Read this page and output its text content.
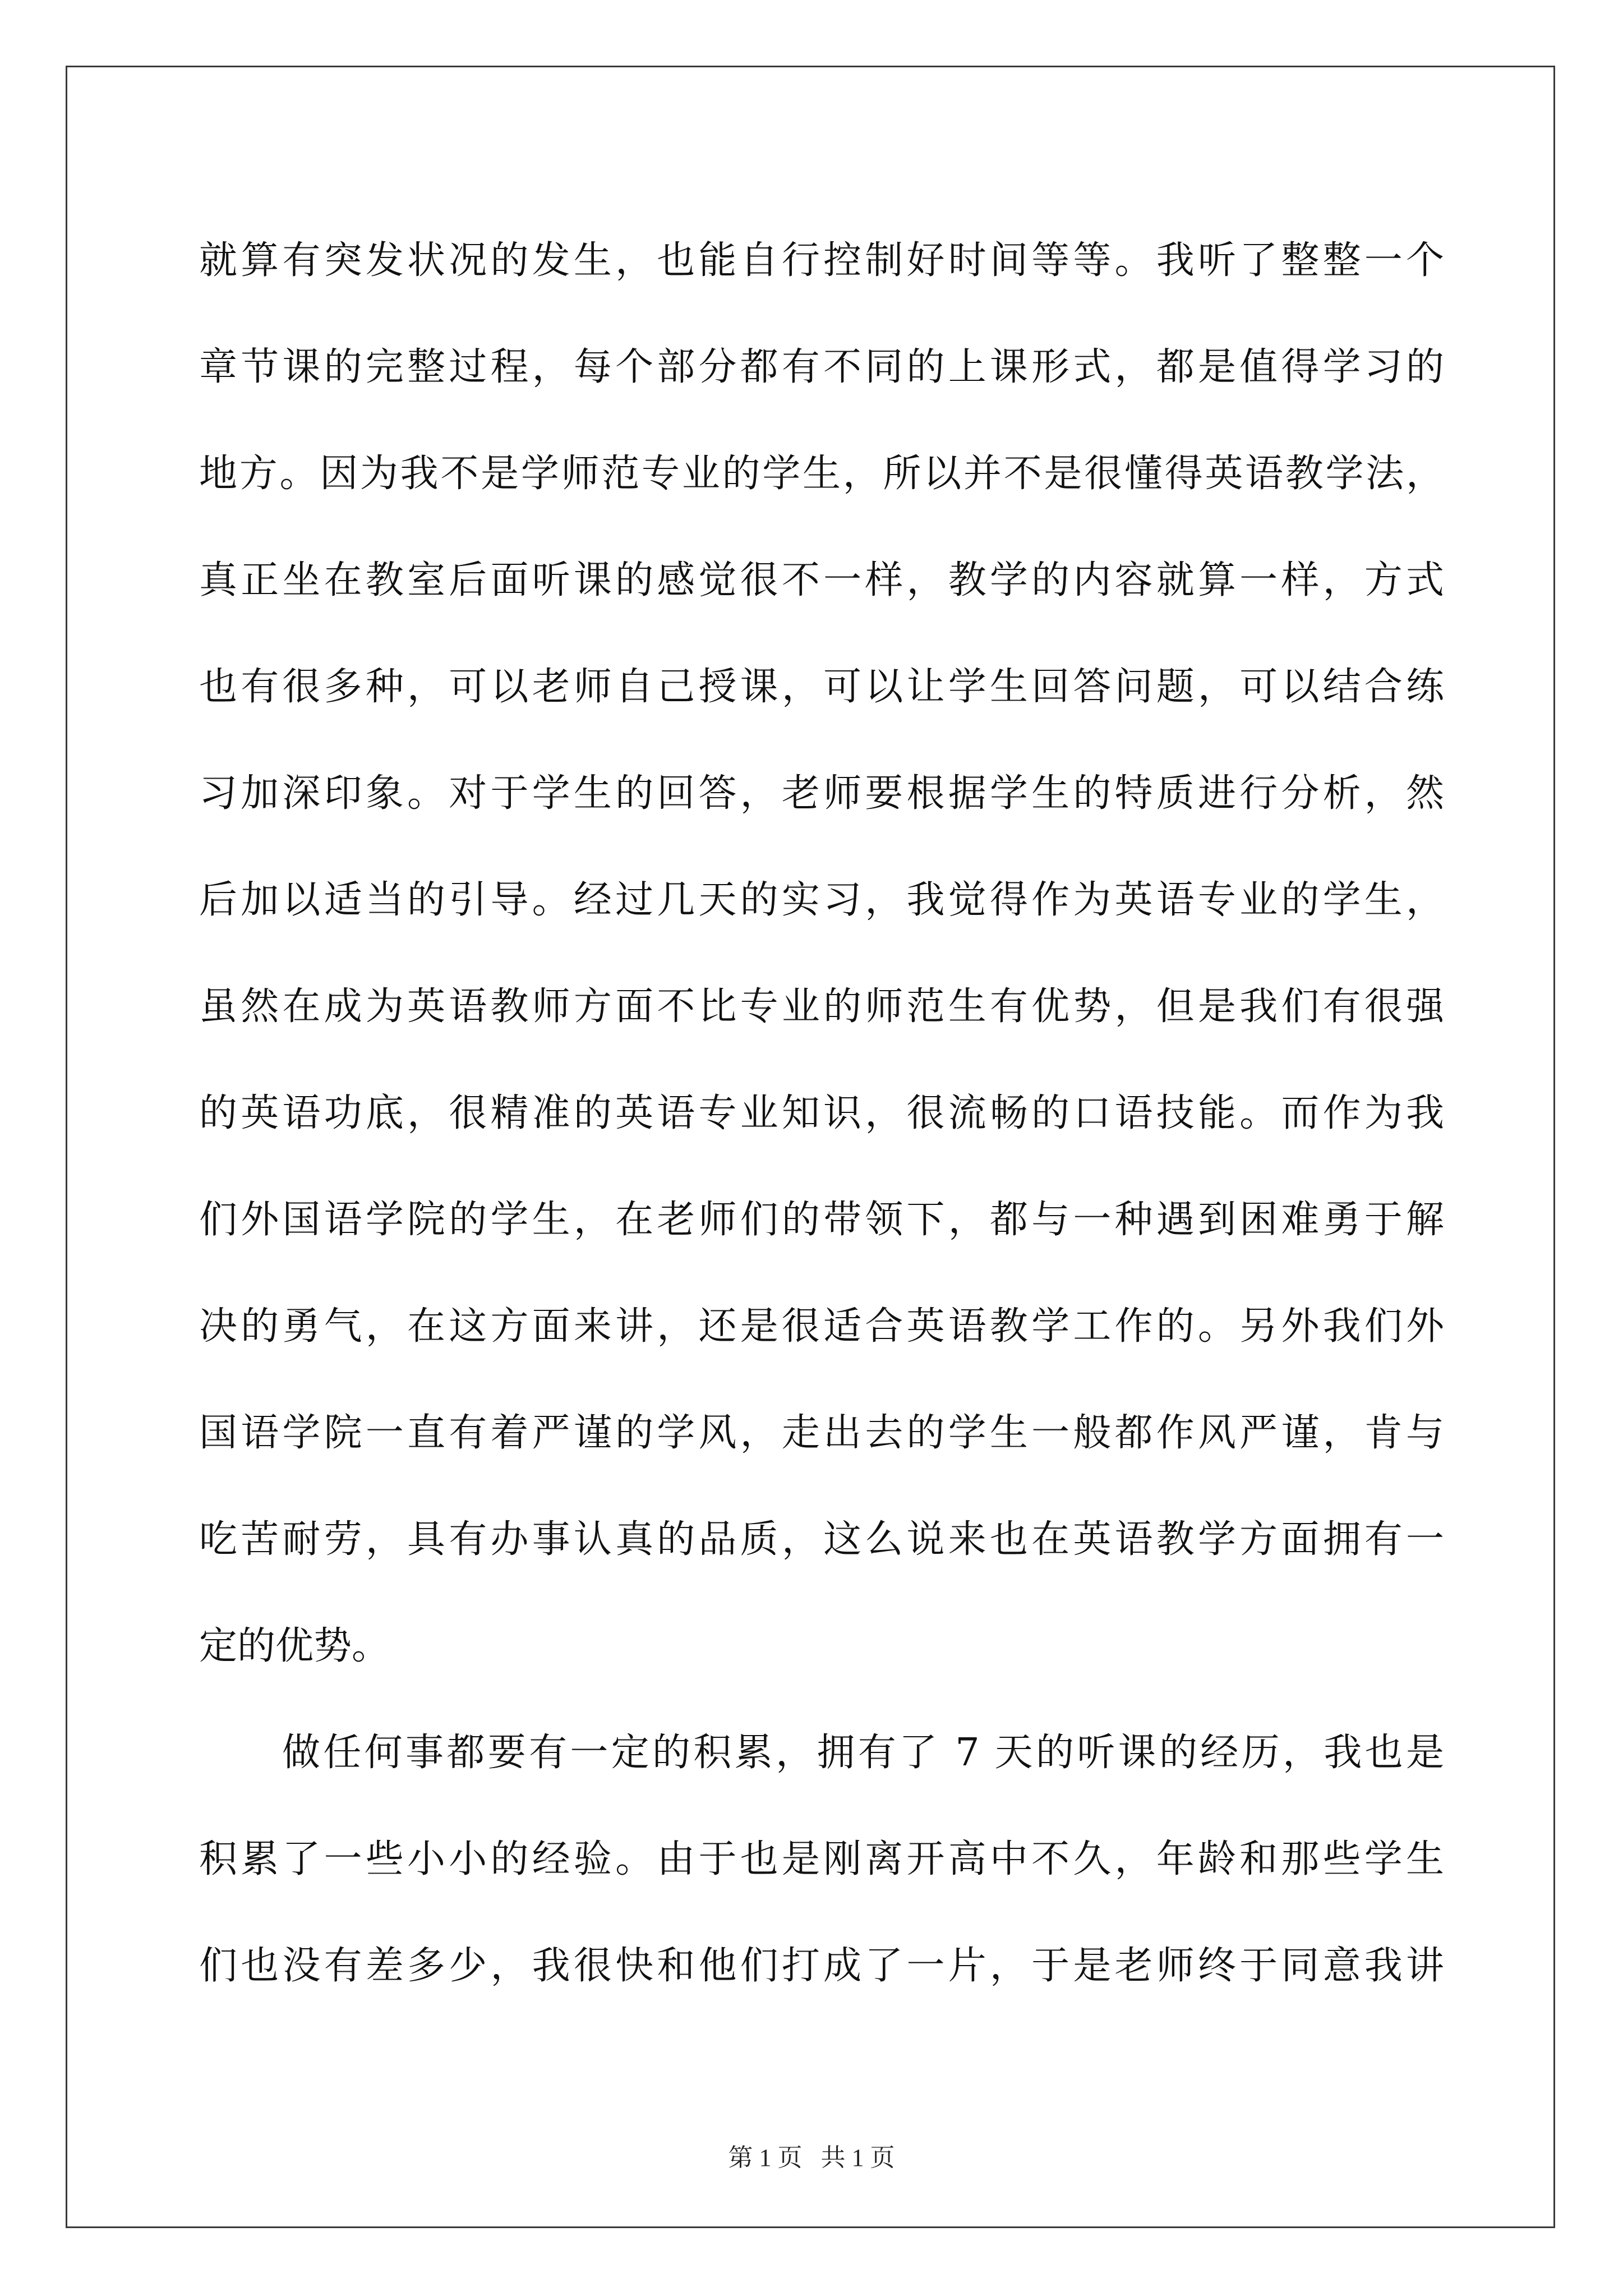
就算有突发状况的发生，也能自行控制好时间等等。我听了整整一个
章节课的完整过程，每个部分都有不同的上课形式，都是值得学习的
地方。因为我不是学师范专业的学生，所以并不是很懂得英语教学法，
真正坐在教室后面听课的感觉很不一样，教学的内容就算一样，方式
也有很多种，可以老师自己授课，可以让学生回答问题，可以结合练
习加深印象。对于学生的回答，老师要根据学生的特质进行分析，然
后加以适当的引导。经过几天的实习，我觉得作为英语专业的学生，
虽然在成为英语教师方面不比专业的师范生有优势，但是我们有很强
的英语功底，很精准的英语专业知识，很流畅的口语技能。而作为我
们外国语学院的学生，在老师们的带领下，都与一种遇到困难勇于解
决的勇气，在这方面来讲，还是很适合英语教学工作的。另外我们外
国语学院一直有着严谨的学风，走出去的学生一般都作风严谨，肯与
吃苦耐劳，具有办事认真的品质，这么说来也在英语教学方面拥有一
定的优势。
做任何事都要有一定的积累，拥有了 7 天的听课的经历，我也是
积累了一些小小的经验。由于也是刚离开高中不久，年龄和那些学生
们也没有差多少，我很快和他们打成了一片，于是老师终于同意我讲
第 1 页   共 1 页
